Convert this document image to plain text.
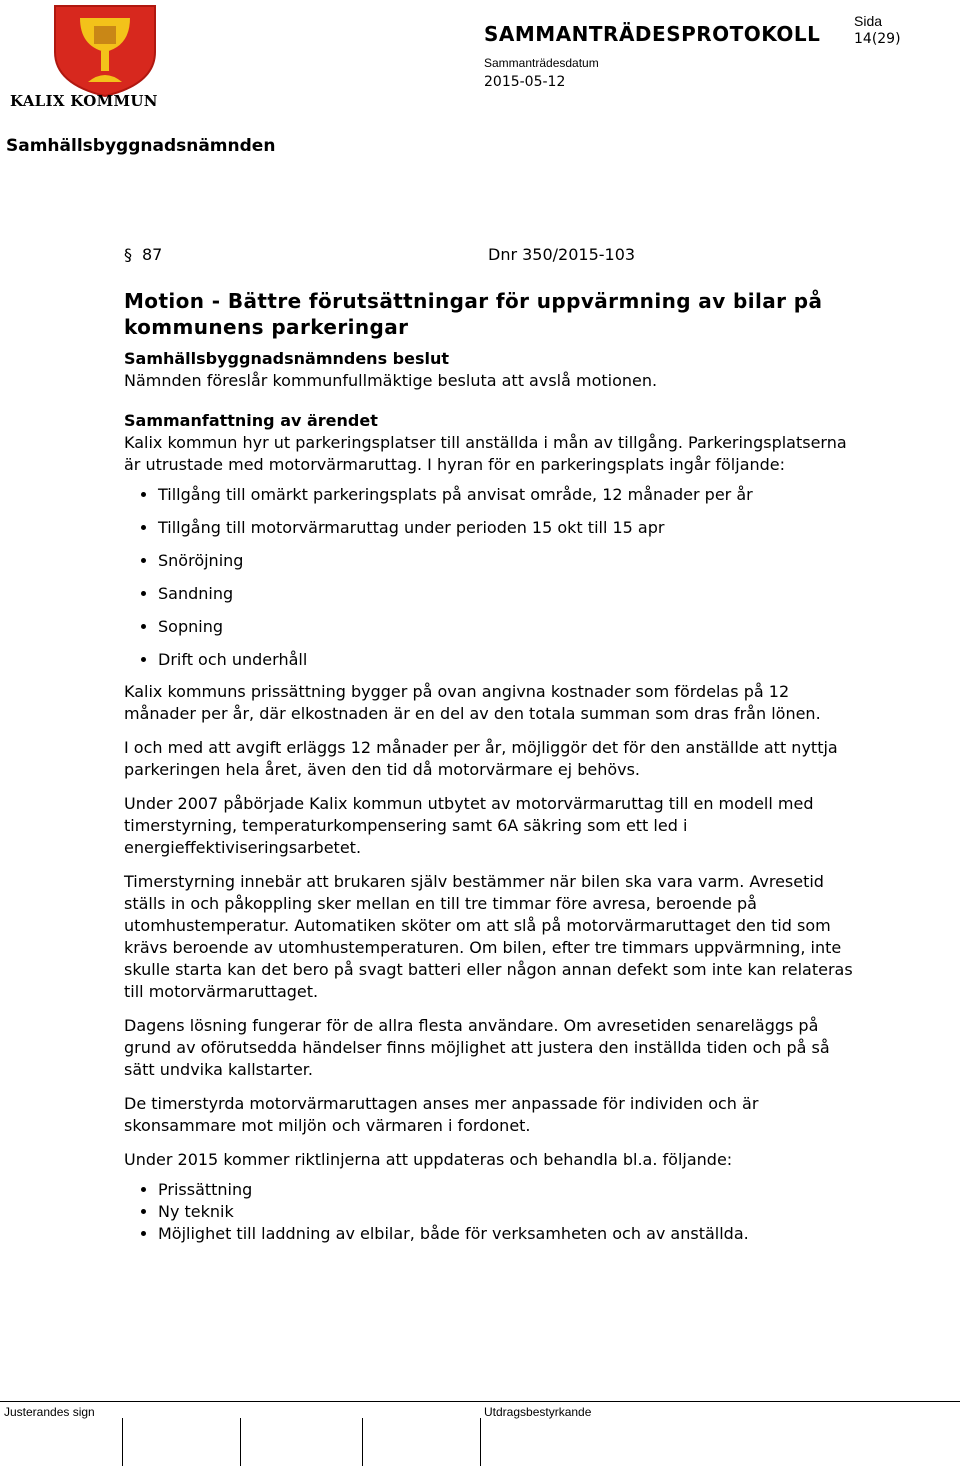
KALIX KOMMUN
SAMMANTRÄDESPROTOKOLL
Sida
14(29)
Sammanträdesdatum
2015-05-12
Samhällsbyggnadsnämnden
§ 87	Dnr 350/2015-103
Motion - Bättre förutsättningar för uppvärmning av bilar på kommunens parkeringar
Samhällsbyggnadsnämndens beslut

Nämnden föreslår kommunfullmäktige besluta att avslå motionen.

Sammanfattning av ärendet

Kalix kommun hyr ut parkeringsplatser till anställda i mån av tillgång. Parkeringsplatserna är utrustade med motorvärmaruttag. I hyran för en parkeringsplats ingår följande:

• Tillgång till omärkt parkeringsplats på anvisat område, 12 månader per år
• Tillgång till motorvärmaruttag under perioden 15 okt till 15 apr
• Snöröjning
• Sandning
• Sopning
• Drift och underhåll

Kalix kommuns prissättning bygger på ovan angivna kostnader som fördelas på 12 månader per år, där elkostnaden är en del av den totala summan som dras från lönen.

I och med att avgift erläggs 12 månader per år, möjliggör det för den anställde att nyttja parkeringen hela året, även den tid då motorvärmare ej behövs.

Under 2007 påbörjade Kalix kommun utbytet av motorvärmaruttag till en modell med timerstyrning, temperaturkompensering samt 6A säkring som ett led i energieffektiviseringsarbetet.

Timerstyrning innebär att brukaren själv bestämmer när bilen ska vara varm. Avresetid ställs in och påkoppling sker mellan en till tre timmar före avresa, beroende på utomhustemperatur. Automatiken sköter om att slå på motorvärmaruttaget den tid som krävs beroende av utomhustemperaturen. Om bilen, efter tre timmars uppvärmning, inte skulle starta kan det bero på svagt batteri eller någon annan defekt som inte kan relateras till motorvärmaruttaget.

Dagens lösning fungerar för de allra flesta användare. Om avresetiden senareläggs på grund av oförutsedda händelser finns möjlighet att justera den inställda tiden och på så sätt undvika kallstarter.

De timerstyrda motorvärmaruttagen anses mer anpassade för individen och är skonsammare mot miljön och värmaren i fordonet.

Under 2015 kommer riktlinjerna att uppdateras och behandla bl.a. följande:

• Prissättning
• Ny teknik
• Möjlighet till laddning av elbilar, både för verksamheten och av anställda.
Justerandes sign	Utdragsbestyrkande
